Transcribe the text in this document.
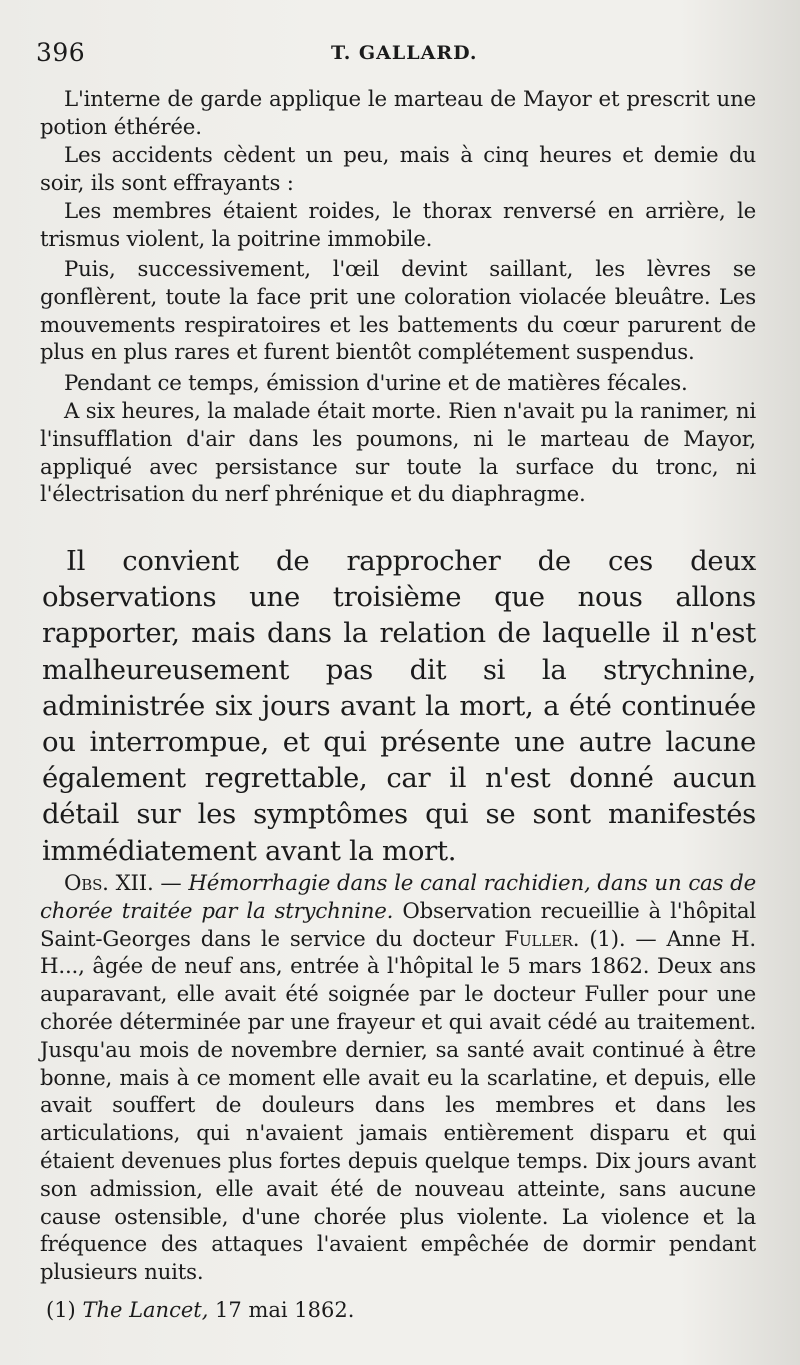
396	T. GALLARD.

L'interne de garde applique le marteau de Mayor et prescrit une potion éthérée.

Les accidents cèdent un peu, mais à cinq heures et demie du soir, ils sont effrayants :

Les membres étaient roides, le thorax renversé en arrière, le trismus violent, la poitrine immobile.

Puis, successivement, l'œil devint saillant, les lèvres se gonflèrent, toute la face prit une coloration violacée bleuâtre. Les mouvements respiratoires et les battements du cœur parurent de plus en plus rares et furent bientôt complétement suspendus.

Pendant ce temps, émission d'urine et de matières fécales.

A six heures, la malade était morte. Rien n'avait pu la ranimer, ni l'insufflation d'air dans les poumons, ni le marteau de Mayor, appliqué avec persistance sur toute la surface du tronc, ni l'électrisation du nerf phrénique et du diaphragme.

Il convient de rapprocher de ces deux observations une troisième que nous allons rapporter, mais dans la relation de laquelle il n'est malheureusement pas dit si la strychnine, administrée six jours avant la mort, a été continuée ou interrompue, et qui présente une autre lacune également regrettable, car il n'est donné aucun détail sur les symptômes qui se sont manifestés immédiatement avant la mort.

Obs. XII. — Hémorrhagie dans le canal rachidien, dans un cas de chorée traitée par la strychnine. Observation recueillie à l'hôpital Saint-Georges dans le service du docteur Fuller. (1). — Anne H. H..., âgée de neuf ans, entrée à l'hôpital le 5 mars 1862. Deux ans auparavant, elle avait été soignée par le docteur Fuller pour une chorée déterminée par une frayeur et qui avait cédé au traitement. Jusqu'au mois de novembre dernier, sa santé avait continué à être bonne, mais à ce moment elle avait eu la scarlatine, et depuis, elle avait souffert de douleurs dans les membres et dans les articulations, qui n'avaient jamais entièrement disparu et qui étaient devenues plus fortes depuis quelque temps. Dix jours avant son admission, elle avait été de nouveau atteinte, sans aucune cause ostensible, d'une chorée plus violente. La violence et la fréquence des attaques l'avaient empêchée de dormir pendant plusieurs nuits.

(1) The Lancet, 17 mai 1862.
